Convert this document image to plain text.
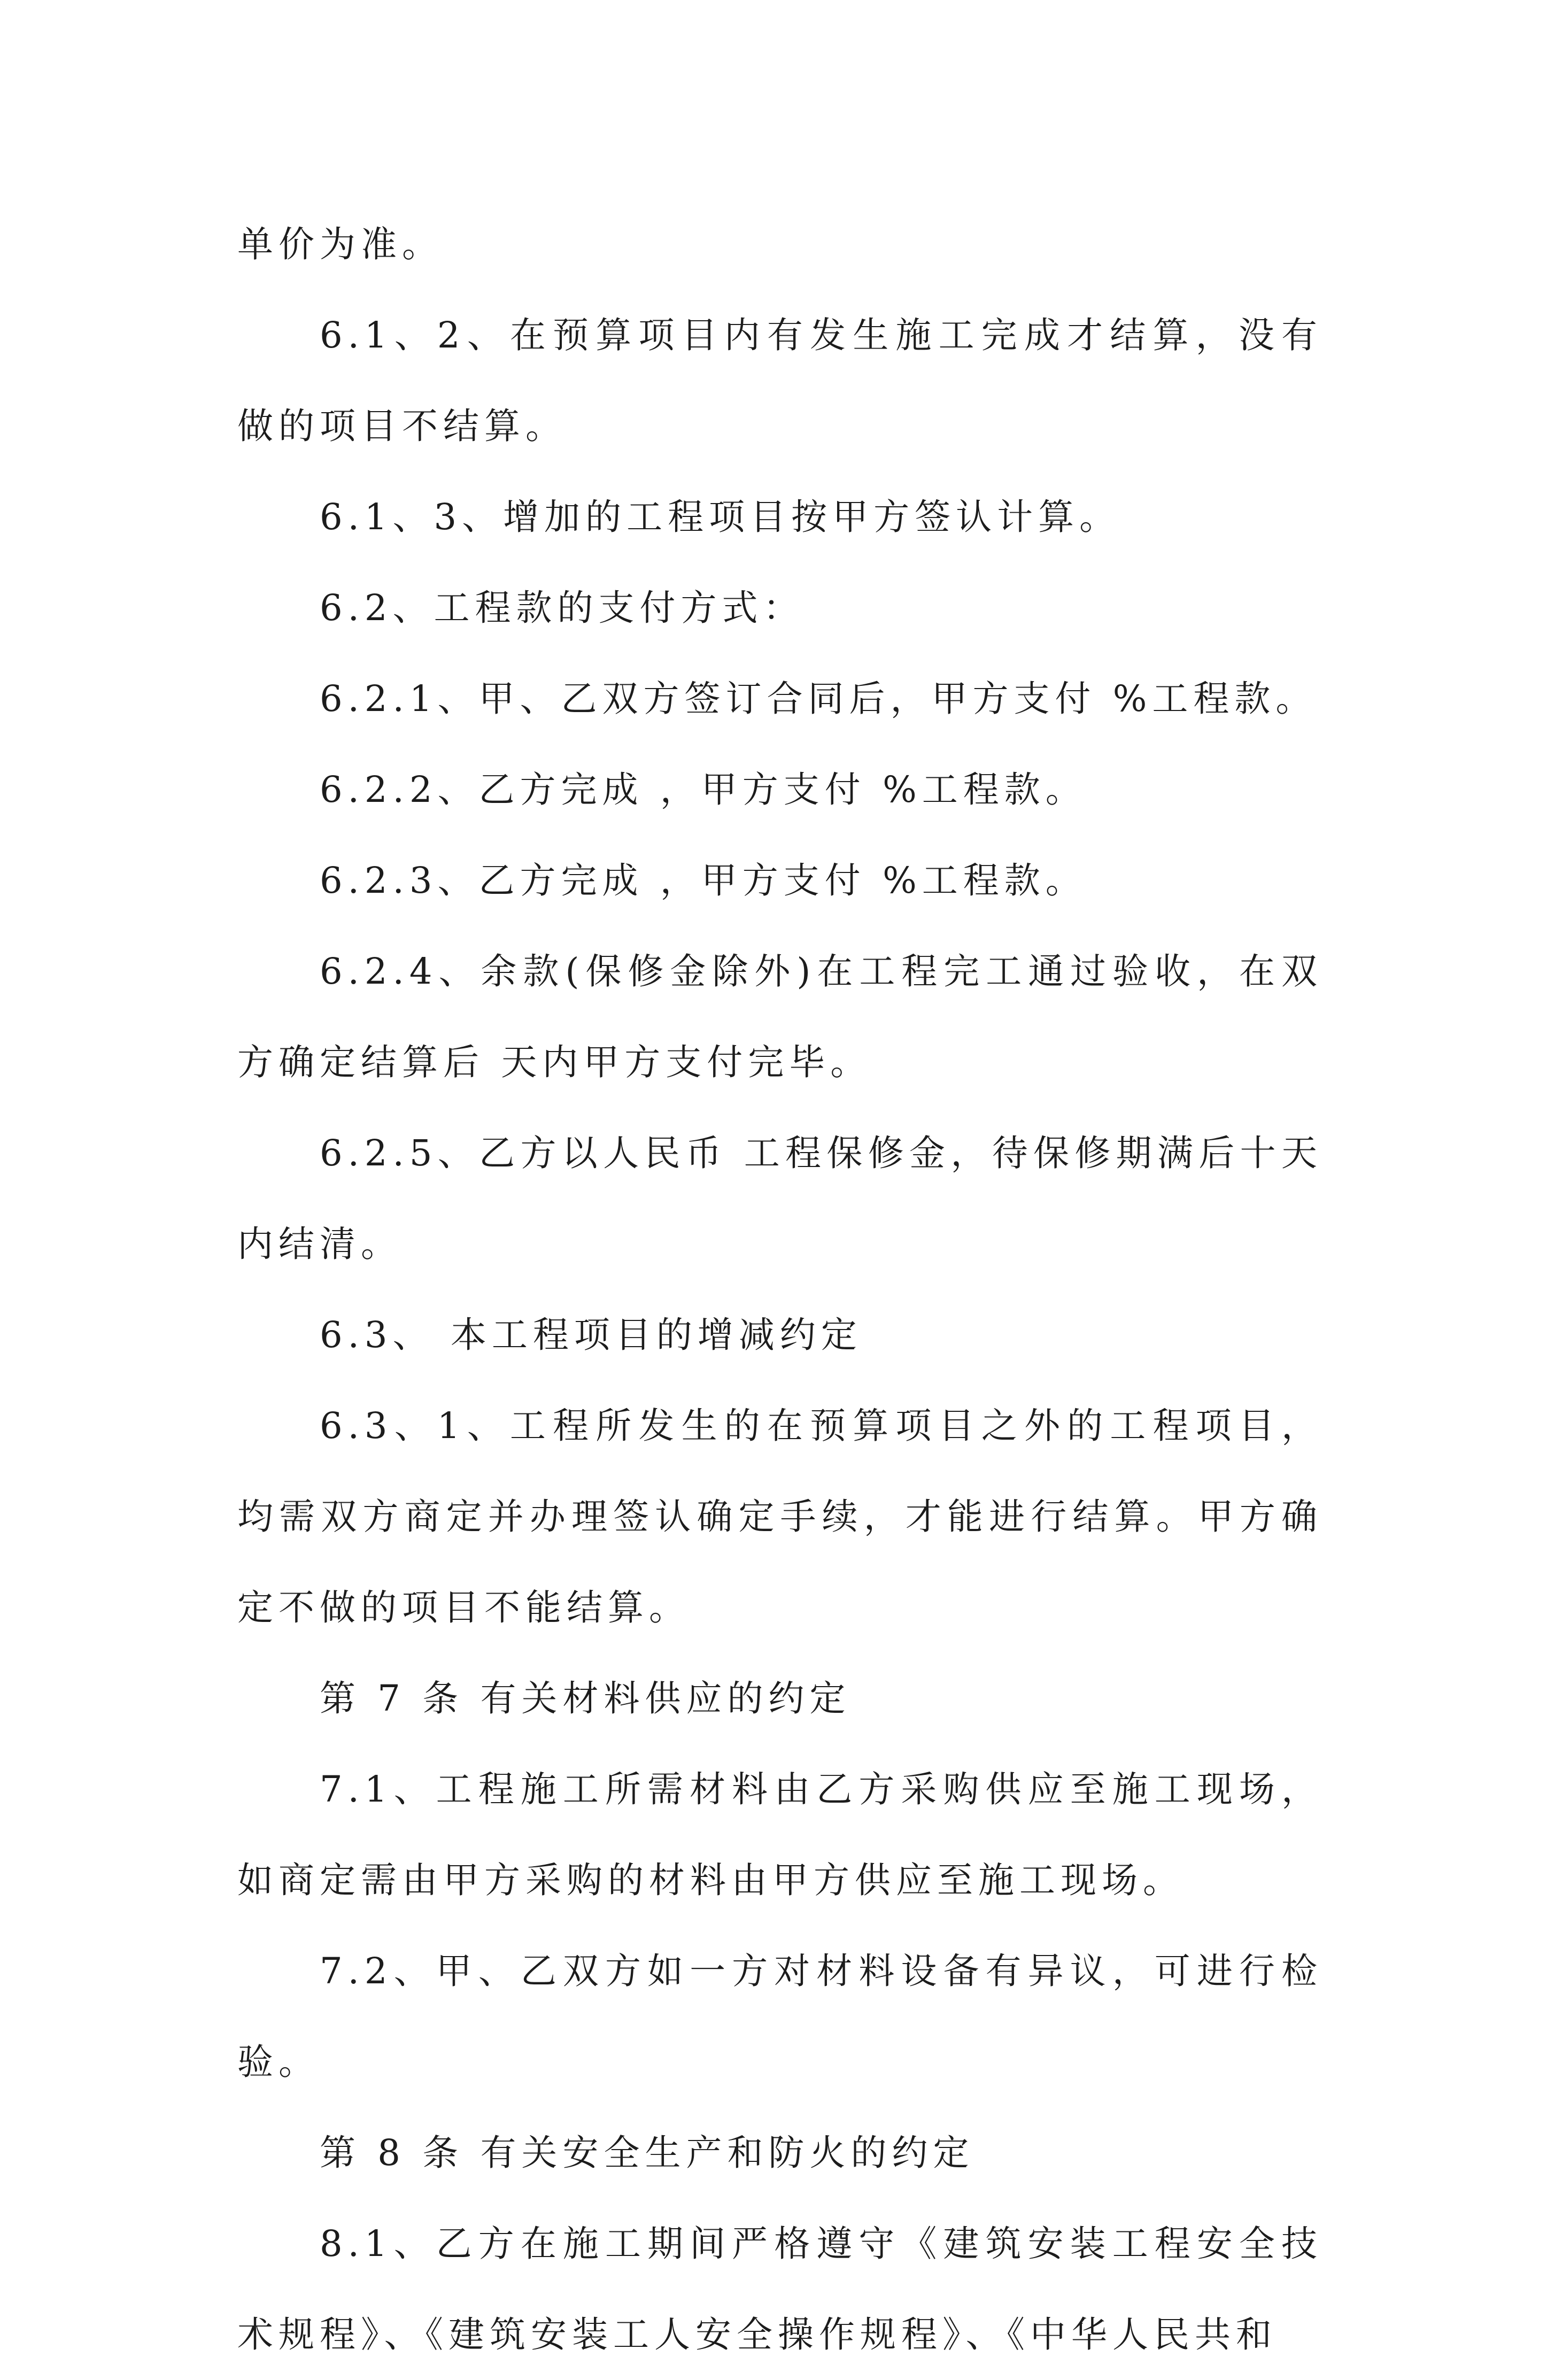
单价为准。

6.1、2、在预算项目内有发生施工完成才结算，没有做的项目不结算。

6.1、3、增加的工程项目按甲方签认计算。

6.2、工程款的支付方式：

6.2.1、甲、乙双方签订合同后，甲方支付 %工程款。

6.2.2、乙方完成 ，甲方支付 %工程款。

6.2.3、乙方完成 ，甲方支付 %工程款。

6.2.4、余款(保修金除外)在工程完工通过验收，在双方确定结算后 天内甲方支付完毕。

6.2.5、乙方以人民币 工程保修金，待保修期满后十天内结清。

6.3、 本工程项目的增减约定

6.3、1、工程所发生的在预算项目之外的工程项目，均需双方商定并办理签认确定手续，才能进行结算。甲方确定不做的项目不能结算。

第 7 条 有关材料供应的约定

7.1、工程施工所需材料由乙方采购供应至施工现场，如商定需由甲方采购的材料由甲方供应至施工现场。

7.2、甲、乙双方如一方对材料设备有异议，可进行检验。

第 8 条 有关安全生产和防火的约定

8.1、乙方在施工期间严格遵守《建筑安装工程安全技术规程》、《建筑安装工人安全操作规程》、《中华人民共和
